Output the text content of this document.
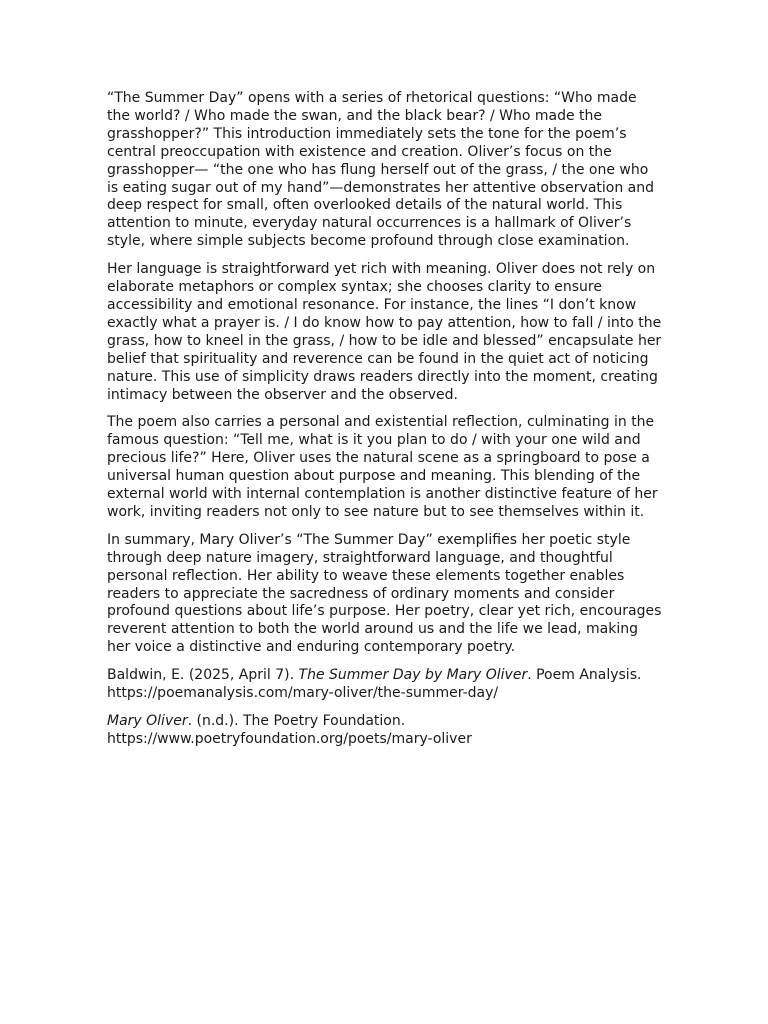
“The Summer Day” opens with a series of rhetorical questions: “Who made the world? / Who made the swan, and the black bear? / Who made the grasshopper?” This introduction immediately sets the tone for the poem’s central preoccupation with existence and creation. Oliver’s focus on the grasshopper— “the one who has flung herself out of the grass, / the one who is eating sugar out of my hand”—demonstrates her attentive observation and deep respect for small, often overlooked details of the natural world. This attention to minute, everyday natural occurrences is a hallmark of Oliver’s style, where simple subjects become profound through close examination.

Her language is straightforward yet rich with meaning. Oliver does not rely on elaborate metaphors or complex syntax; she chooses clarity to ensure accessibility and emotional resonance. For instance, the lines “I don’t know exactly what a prayer is. / I do know how to pay attention, how to fall / into the grass, how to kneel in the grass, / how to be idle and blessed” encapsulate her belief that spirituality and reverence can be found in the quiet act of noticing nature. This use of simplicity draws readers directly into the moment, creating intimacy between the observer and the observed.

The poem also carries a personal and existential reflection, culminating in the famous question: “Tell me, what is it you plan to do / with your one wild and precious life?” Here, Oliver uses the natural scene as a springboard to pose a universal human question about purpose and meaning. This blending of the external world with internal contemplation is another distinctive feature of her work, inviting readers not only to see nature but to see themselves within it.

In summary, Mary Oliver’s “The Summer Day” exemplifies her poetic style through deep nature imagery, straightforward language, and thoughtful personal reflection. Her ability to weave these elements together enables readers to appreciate the sacredness of ordinary moments and consider profound questions about life’s purpose. Her poetry, clear yet rich, encourages reverent attention to both the world around us and the life we lead, making her voice a distinctive and enduring contemporary poetry.

Baldwin, E. (2025, April 7). The Summer Day by Mary Oliver. Poem Analysis.
https://poemanalysis.com/mary-oliver/the-summer-day/

Mary Oliver. (n.d.). The Poetry Foundation.
https://www.poetryfoundation.org/poets/mary-oliver
